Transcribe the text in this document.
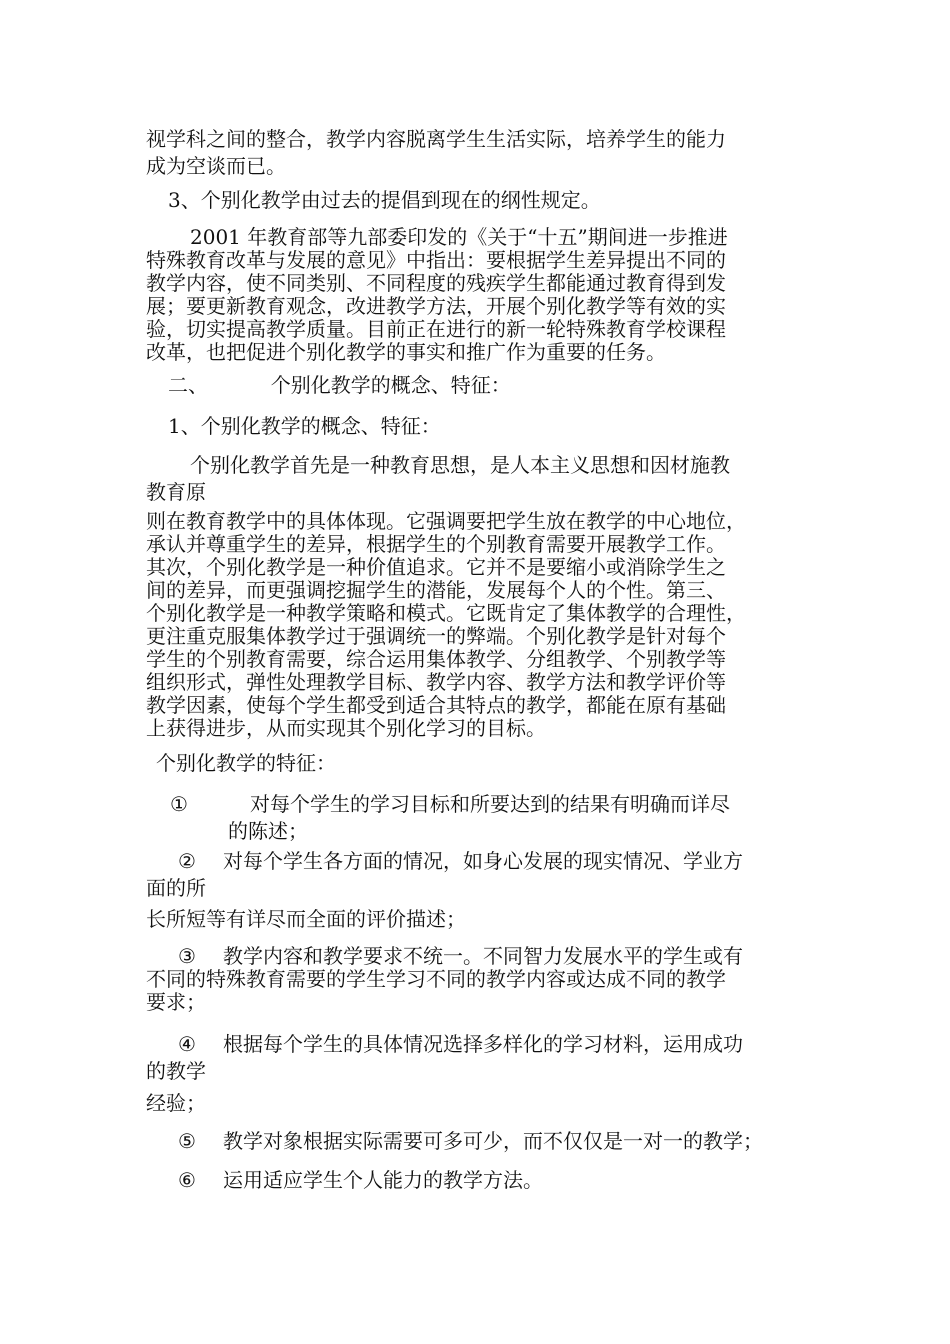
视学科之间的整合，教学内容脱离学生生活实际，培养学生的能力
成为空谈而已。
3、个别化教学由过去的提倡到现在的纲性规定。
2001 年教育部等九部委印发的《关于“十五”期间进一步推进
特殊教育改革与发展的意见》中指出：要根据学生差异提出不同的
教学内容，使不同类别、不同程度的残疾学生都能通过教育得到发
展；要更新教育观念，改进教学方法，开展个别化教学等有效的实
验，切实提高教学质量。目前正在进行的新一轮特殊教育学校课程
改革，也把促进个别化教学的事实和推广作为重要的任务。
二、	个别化教学的概念、特征：
1、个别化教学的概念、特征：
个别化教学首先是一种教育思想，是人本主义思想和因材施教
教育原
则在教育教学中的具体体现。它强调要把学生放在教学的中心地位，
承认并尊重学生的差异，根据学生的个别教育需要开展教学工作。
其次，个别化教学是一种价值追求。它并不是要缩小或消除学生之
间的差异，而更强调挖掘学生的潜能，发展每个人的个性。第三、
个别化教学是一种教学策略和模式。它既肯定了集体教学的合理性，
更注重克服集体教学过于强调统一的弊端。个别化教学是针对每个
学生的个别教育需要，综合运用集体教学、分组教学、个别教学等
组织形式，弹性处理教学目标、教学内容、教学方法和教学评价等
教学因素，使每个学生都受到适合其特点的教学，都能在原有基础
上获得进步，从而实现其个别化学习的目标。
个别化教学的特征：
①	对每个学生的学习目标和所要达到的结果有明确而详尽
的陈述；
② 对每个学生各方面的情况，如身心发展的现实情况、学业方
面的所
长所短等有详尽而全面的评价描述；
③ 教学内容和教学要求不统一。不同智力发展水平的学生或有
不同的特殊教育需要的学生学习不同的教学内容或达成不同的教学
要求；
④ 根据每个学生的具体情况选择多样化的学习材料，运用成功
的教学
经验；
⑤ 教学对象根据实际需要可多可少，而不仅仅是一对一的教学；
⑥ 运用适应学生个人能力的教学方法。
